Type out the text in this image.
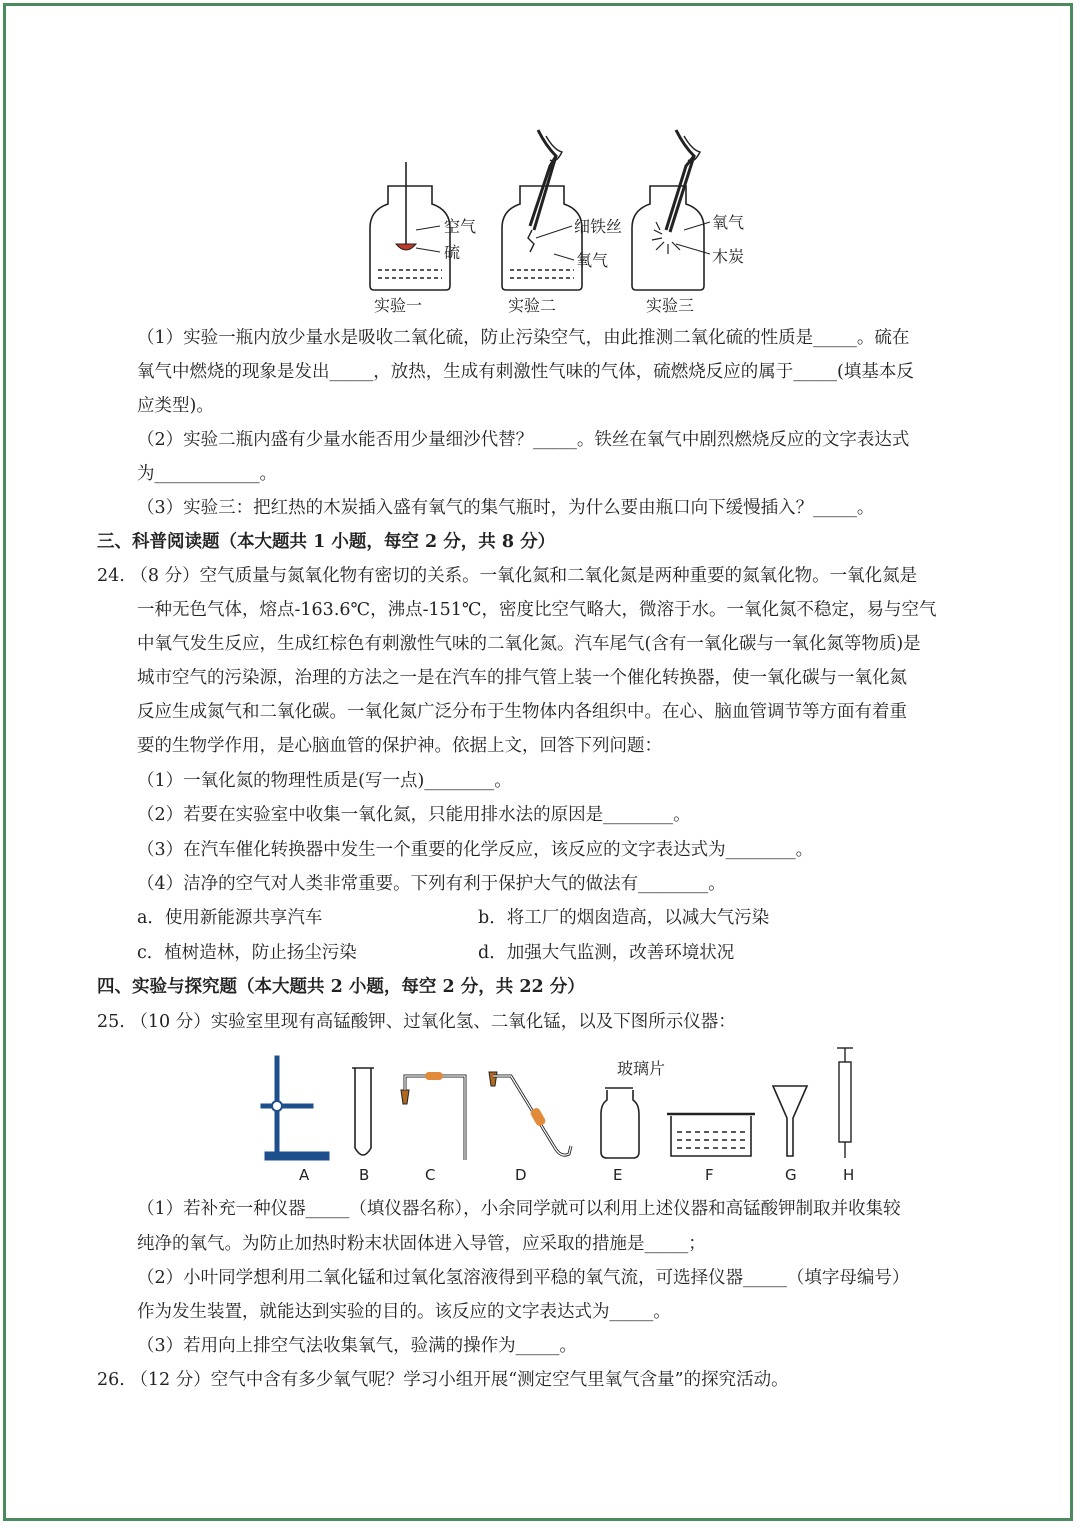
空气
硫
实验一
细铁丝
氧气
实验二
氧气
木炭
实验三
（1）实验一瓶内放少量水是吸收二氧化硫，防止污染空气，由此推测二氧化硫的性质是_____。硫在
氧气中燃烧的现象是发出_____，放热，生成有刺激性气味的气体，硫燃烧反应的属于_____(填基本反
应类型)。
（2）实验二瓶内盛有少量水能否用少量细沙代替？_____。铁丝在氧气中剧烈燃烧反应的文字表达式
为____________。
（3）实验三：把红热的木炭插入盛有氧气的集气瓶时，为什么要由瓶口向下缓慢插入？_____。
三、科普阅读题（本大题共 1 小题，每空 2 分，共 8 分）
24. （8 分）空气质量与氮氧化物有密切的关系。一氧化氮和二氧化氮是两种重要的氮氧化物。一氧化氮是
一种无色气体，熔点-163.6℃，沸点-151℃，密度比空气略大，微溶于水。一氧化氮不稳定，易与空气
中氧气发生反应，生成红棕色有刺激性气味的二氧化氮。汽车尾气(含有一氧化碳与一氧化氮等物质)是
城市空气的污染源，治理的方法之一是在汽车的排气管上装一个催化转换器，使一氧化碳与一氧化氮
反应生成氮气和二氧化碳。一氧化氮广泛分布于生物体内各组织中。在心、脑血管调节等方面有着重
要的生物学作用，是心脑血管的保护神。依据上文，回答下列问题：
（1）一氧化氮的物理性质是(写一点)________。
（2）若要在实验室中收集一氧化氮，只能用排水法的原因是________。
（3）在汽车催化转换器中发生一个重要的化学反应，该反应的文字表达式为________。
（4）洁净的空气对人类非常重要。下列有利于保护大气的做法有________。
a．使用新能源共享汽车	b．将工厂的烟囱造高，以减大气污染
c．植树造林，防止扬尘污染	d．加强大气监测，改善环境状况
四、实验与探究题（本大题共 2 小题，每空 2 分，共 22 分）
25. （10 分）实验室里现有高锰酸钾、过氧化氢、二氧化锰，以及下图所示仪器：
玻璃片
A	B	C	D	E	F	G	H
（1）若补充一种仪器_____（填仪器名称），小余同学就可以利用上述仪器和高锰酸钾制取并收集较
纯净的氧气。为防止加热时粉末状固体进入导管，应采取的措施是_____；
（2）小叶同学想利用二氧化锰和过氧化氢溶液得到平稳的氧气流，可选择仪器_____（填字母编号）
作为发生装置，就能达到实验的目的。该反应的文字表达式为_____。
（3）若用向上排空气法收集氧气，验满的操作为_____。
26. （12 分）空气中含有多少氧气呢？学习小组开展“测定空气里氧气含量”的探究活动。
